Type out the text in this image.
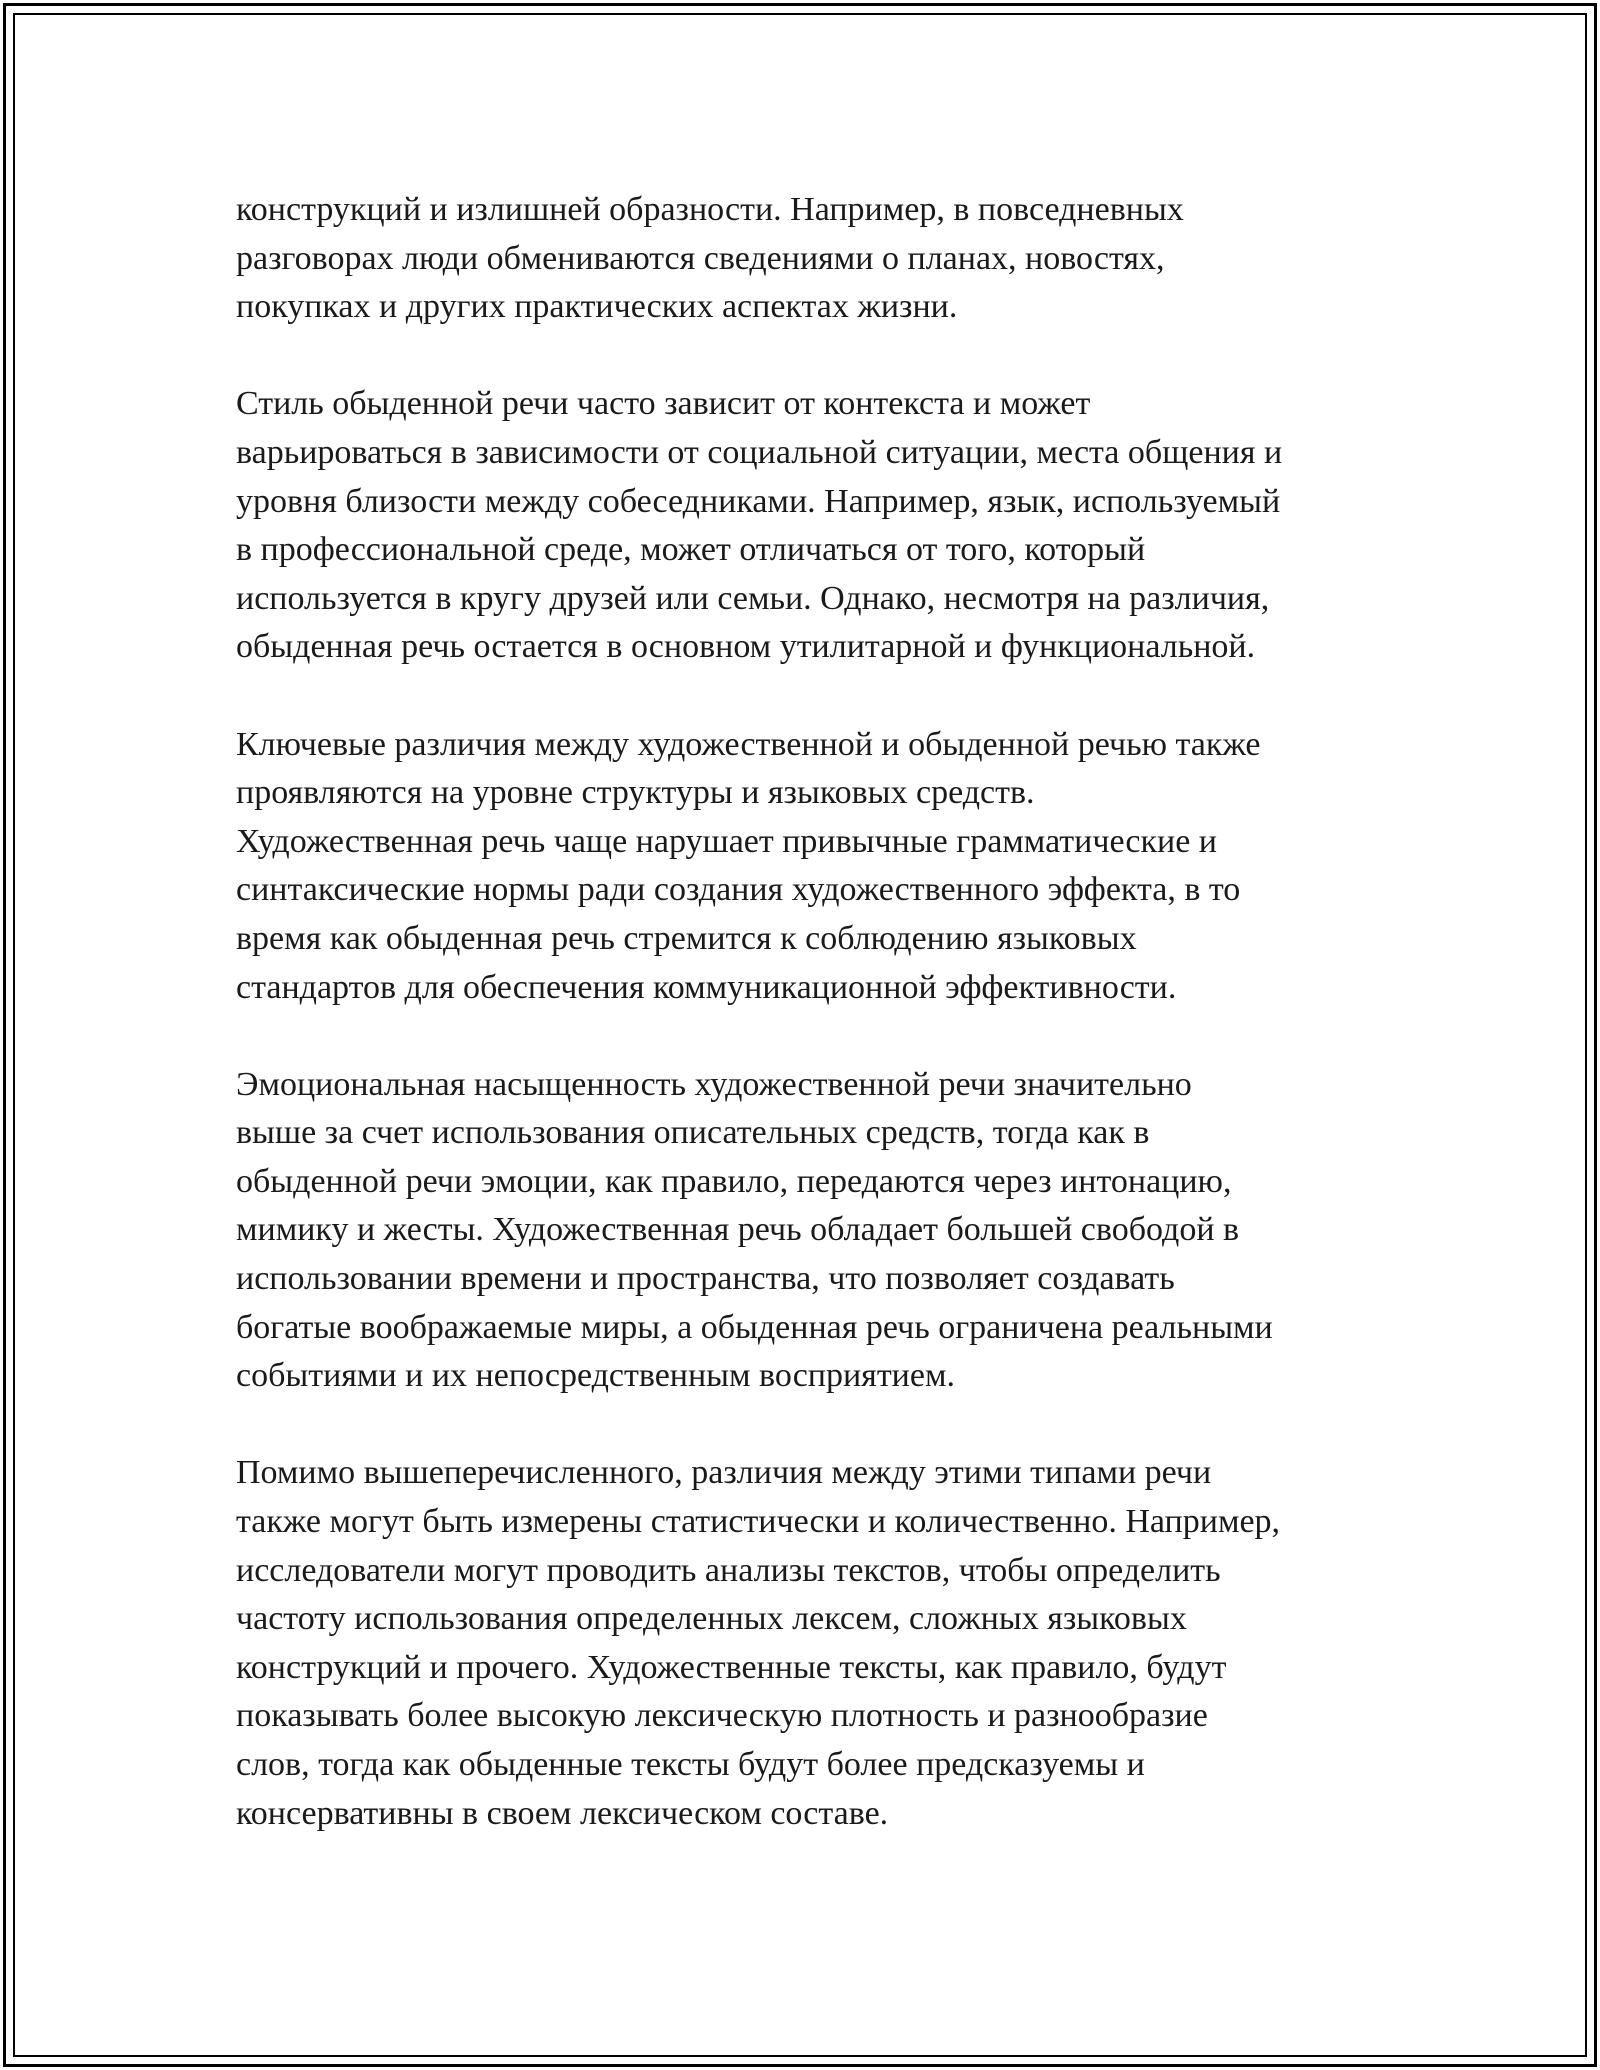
конструкций и излишней образности. Например, в повседневных
разговорах люди обмениваются сведениями о планах, новостях,
покупках и других практических аспектах жизни.

Стиль обыденной речи часто зависит от контекста и может
варьироваться в зависимости от социальной ситуации, места общения и
уровня близости между собеседниками. Например, язык, используемый
в профессиональной среде, может отличаться от того, который
используется в кругу друзей или семьи. Однако, несмотря на различия,
обыденная речь остается в основном утилитарной и функциональной.

Ключевые различия между художественной и обыденной речью также
проявляются на уровне структуры и языковых средств.
Художественная речь чаще нарушает привычные грамматические и
синтаксические нормы ради создания художественного эффекта, в то
время как обыденная речь стремится к соблюдению языковых
стандартов для обеспечения коммуникационной эффективности.

Эмоциональная насыщенность художественной речи значительно
выше за счет использования описательных средств, тогда как в
обыденной речи эмоции, как правило, передаются через интонацию,
мимику и жесты. Художественная речь обладает большей свободой в
использовании времени и пространства, что позволяет создавать
богатые воображаемые миры, а обыденная речь ограничена реальными
событиями и их непосредственным восприятием.

Помимо вышеперечисленного, различия между этими типами речи
также могут быть измерены статистически и количественно. Например,
исследователи могут проводить анализы текстов, чтобы определить
частоту использования определенных лексем, сложных языковых
конструкций и прочего. Художественные тексты, как правило, будут
показывать более высокую лексическую плотность и разнообразие
слов, тогда как обыденные тексты будут более предсказуемы и
консервативны в своем лексическом составе.
